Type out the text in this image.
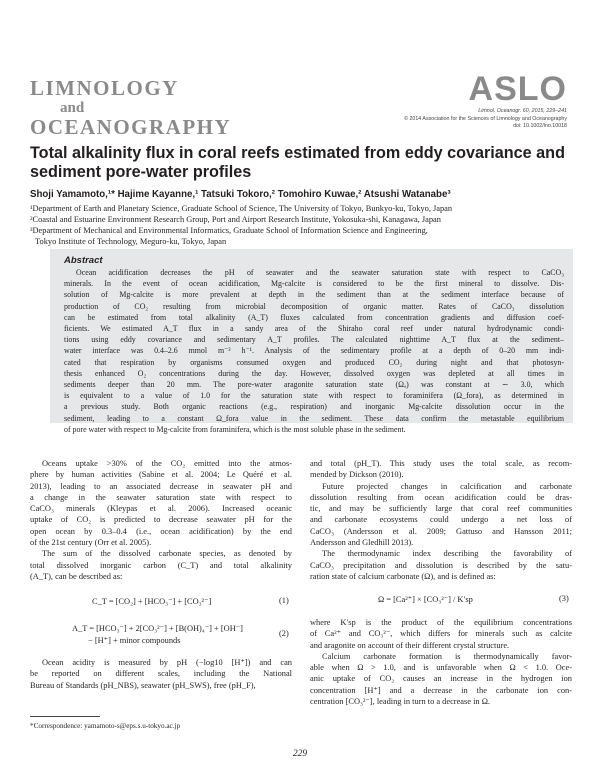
LIMNOLOGY
and
OCEANOGRAPHY
ASLO
Limnol. Oceanogr. 60, 2015, 229–241
© 2014 Association for the Sciences of Limnology and Oceanography
doi: 10.1002/lno.10018
Total alkalinity flux in coral reefs estimated from eddy covariance and
sediment pore-water profiles
Shoji Yamamoto,¹* Hajime Kayanne,¹ Tatsuki Tokoro,² Tomohiro Kuwae,² Atsushi Watanabe³
¹Department of Earth and Planetary Science, Graduate School of Science, The University of Tokyo, Bunkyo-ku, Tokyo, Japan
²Coastal and Estuarine Environment Research Group, Port and Airport Research Institute, Yokosuka-shi, Kanagawa, Japan
³Department of Mechanical and Environmental Informatics, Graduate School of Information Science and Engineering,
Tokyo Institute of Technology, Meguro-ku, Tokyo, Japan
Abstract
Ocean acidification decreases the pH of seawater and the seawater saturation state with respect to CaCO₃
minerals. In the event of ocean acidification, Mg-calcite is considered to be the first mineral to dissolve. Dis-
solution of Mg-calcite is more prevalent at depth in the sediment than at the sediment interface because of
production of CO₂ resulting from microbial decomposition of organic matter. Rates of CaCO₃ dissolution
can be estimated from total alkalinity (A_T) fluxes calculated from concentration gradients and diffusion coef-
ficients. We estimated A_T flux in a sandy area of the Shiraho coral reef under natural hydrodynamic condi-
tions using eddy covariance and sedimentary A_T profiles. The calculated nighttime A_T flux at the sediment–
water interface was 0.4–2.6 mmol m⁻² h⁻¹. Analysis of the sedimentary profile at a depth of 0–20 mm indi-
cated that respiration by organisms consumed oxygen and produced CO₂ during night and that photosyn-
thesis enhanced O₂ concentrations during the day. However, dissolved oxygen was depleted at all times in
sediments deeper than 20 mm. The pore-water aragonite saturation state (Ωₐ) was constant at ∼ 3.0, which
is equivalent to a value of 1.0 for the saturation state with respect to foraminifera (Ω_fora), as determined in
a previous study. Both organic reactions (e.g., respiration) and inorganic Mg-calcite dissolution occur in the
sediment, leading to a constant Ω_fora value in the sediment. These data confirm the metastable equilibrium
of pore water with respect to Mg-calcite from foraminifera, which is the most soluble phase in the sediment.
Oceans uptake >30% of the CO₂ emitted into the atmos-
phere by human activities (Sabine et al. 2004; Le Quéré et al.
2013), leading to an associated decrease in seawater pH and
a change in the seawater saturation state with respect to
CaCO₃ minerals (Kleypas et al. 2006). Increased oceanic
uptake of CO₂ is predicted to decrease seawater pH for the
open ocean by 0.3–0.4 (i.e., ocean acidification) by the end
of the 21st century (Orr et al. 2005).
The sum of the dissolved carbonate species, as denoted by
total dissolved inorganic carbon (C_T) and total alkalinity
(A_T), can be described as:
C_T = [CO₂] + [HCO₃⁻] + [CO₃²⁻]	(1)
A_T = [HCO₃⁻] + 2[CO₃²⁻] + [B(OH)₄⁻] + [OH⁻]
− [H⁺] + minor compounds
(2)
Ocean acidity is measured by pH (−log10 [H⁺]) and can
be reported on different scales, including the National
Bureau of Standards (pH_NBS), seawater (pH_SWS), free (pH_F),
and total (pH_T). This study uses the total scale, as recom-
mended by Dickson (2010).
Future projected changes in calcification and carbonate
dissolution resulting from ocean acidification could be dras-
tic, and may be sufficiently large that coral reef communities
and carbonate ecosystems could undergo a net loss of
CaCO₃ (Andersson et al. 2009; Gattuso and Hansson 2011;
Andersson and Gledhill 2013).
The thermodynamic index describing the favorability of
CaCO₃ precipitation and dissolution is described by the satu-
ration state of calcium carbonate (Ω), and is defined as:
Ω = [Ca²⁺] × [CO₃²⁻] / K′sp	(3)
where K′sp is the product of the equilibrium concentrations
of Ca²⁺ and CO₃²⁻, which differs for minerals such as calcite
and aragonite on account of their different crystal structure.
Calcium carbonate formation is thermodynamically favor-
able when Ω > 1.0, and is unfavorable when Ω < 1.0. Oce-
anic uptake of CO₂ causes an increase in the hydrogen ion
concentration [H⁺] and a decrease in the carbonate ion con-
centration [CO₃²⁻], leading in turn to a decrease in Ω.
*Correspondence: yamamoto-s@eps.s.u-tokyo.ac.jp
229
